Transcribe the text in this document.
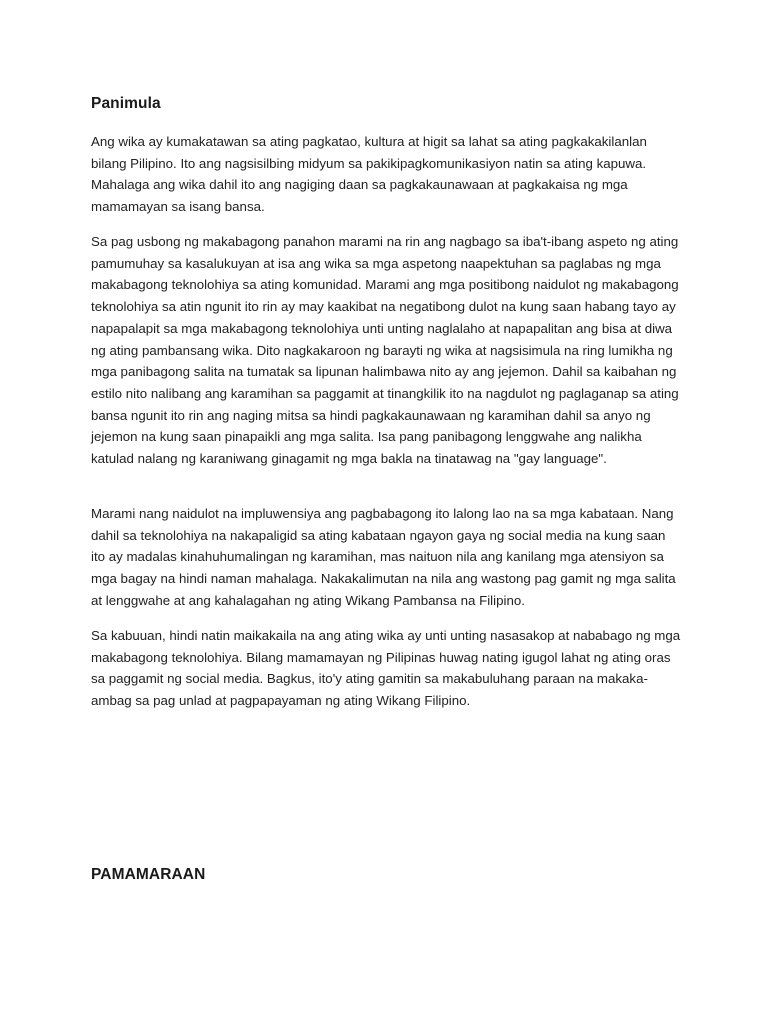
Panimula

Ang wika ay kumakatawan sa ating pagkatao, kultura at higit sa lahat sa ating pagkakakilanlan bilang Pilipino. Ito ang nagsisilbing midyum sa pakikipagkomunikasiyon natin sa ating kapuwa. Mahalaga ang wika dahil ito ang nagiging daan sa pagkakaunawaan at pagkakaisa ng mga mamamayan sa isang bansa.

Sa pag usbong ng makabagong panahon marami na rin ang nagbago sa iba't-ibang aspeto ng ating pamumuhay sa kasalukuyan at isa ang wika sa mga aspetong naapektuhan sa paglabas ng mga makabagong teknolohiya sa ating komunidad. Marami ang mga positibong naidulot ng makabagong teknolohiya sa atin ngunit ito rin ay may kaakibat na negatibong dulot na kung saan habang tayo ay napapalapit sa mga makabagong teknolohiya unti unting naglalaho at napapalitan ang bisa at diwa ng ating pambansang wika. Dito nagkakaroon ng barayti ng wika at nagsisimula na ring lumikha ng mga panibagong salita na tumatak sa lipunan halimbawa nito ay ang jejemon. Dahil sa kaibahan ng estilo nito nalibang ang karamihan sa paggamit at tinangkilik ito na nagdulot ng paglaganap sa ating bansa ngunit ito rin ang naging mitsa sa hindi pagkakaunawaan ng karamihan dahil sa anyo ng jejemon na kung saan pinapaikli ang mga salita. Isa pang panibagong lenggwahe ang nalikha katulad nalang ng karaniwang ginagamit ng mga bakla na tinatawag na "gay language".

Marami nang naidulot na impluwensiya ang pagbabagong ito lalong lao na sa mga kabataan. Nang dahil sa teknolohiya na nakapaligid sa ating kabataan ngayon gaya ng social media na kung saan ito ay madalas kinahuhumalingan ng karamihan, mas naituon nila ang kanilang mga atensiyon sa mga bagay na hindi naman mahalaga. Nakakalimutan na nila ang wastong pag gamit ng mga salita at lenggwahe at ang kahalagahan ng ating Wikang Pambansa na Filipino.

Sa kabuuan, hindi natin maikakaila na ang ating wika ay unti unting nasasakop at nababago ng mga makabagong teknolohiya. Bilang mamamayan ng Pilipinas huwag nating igugol lahat ng ating oras sa paggamit ng social media. Bagkus, ito'y ating gamitin sa makabuluhang paraan na makaka-ambag sa pag unlad at pagpapayaman ng ating Wikang Filipino.

PAMAMARAAN
